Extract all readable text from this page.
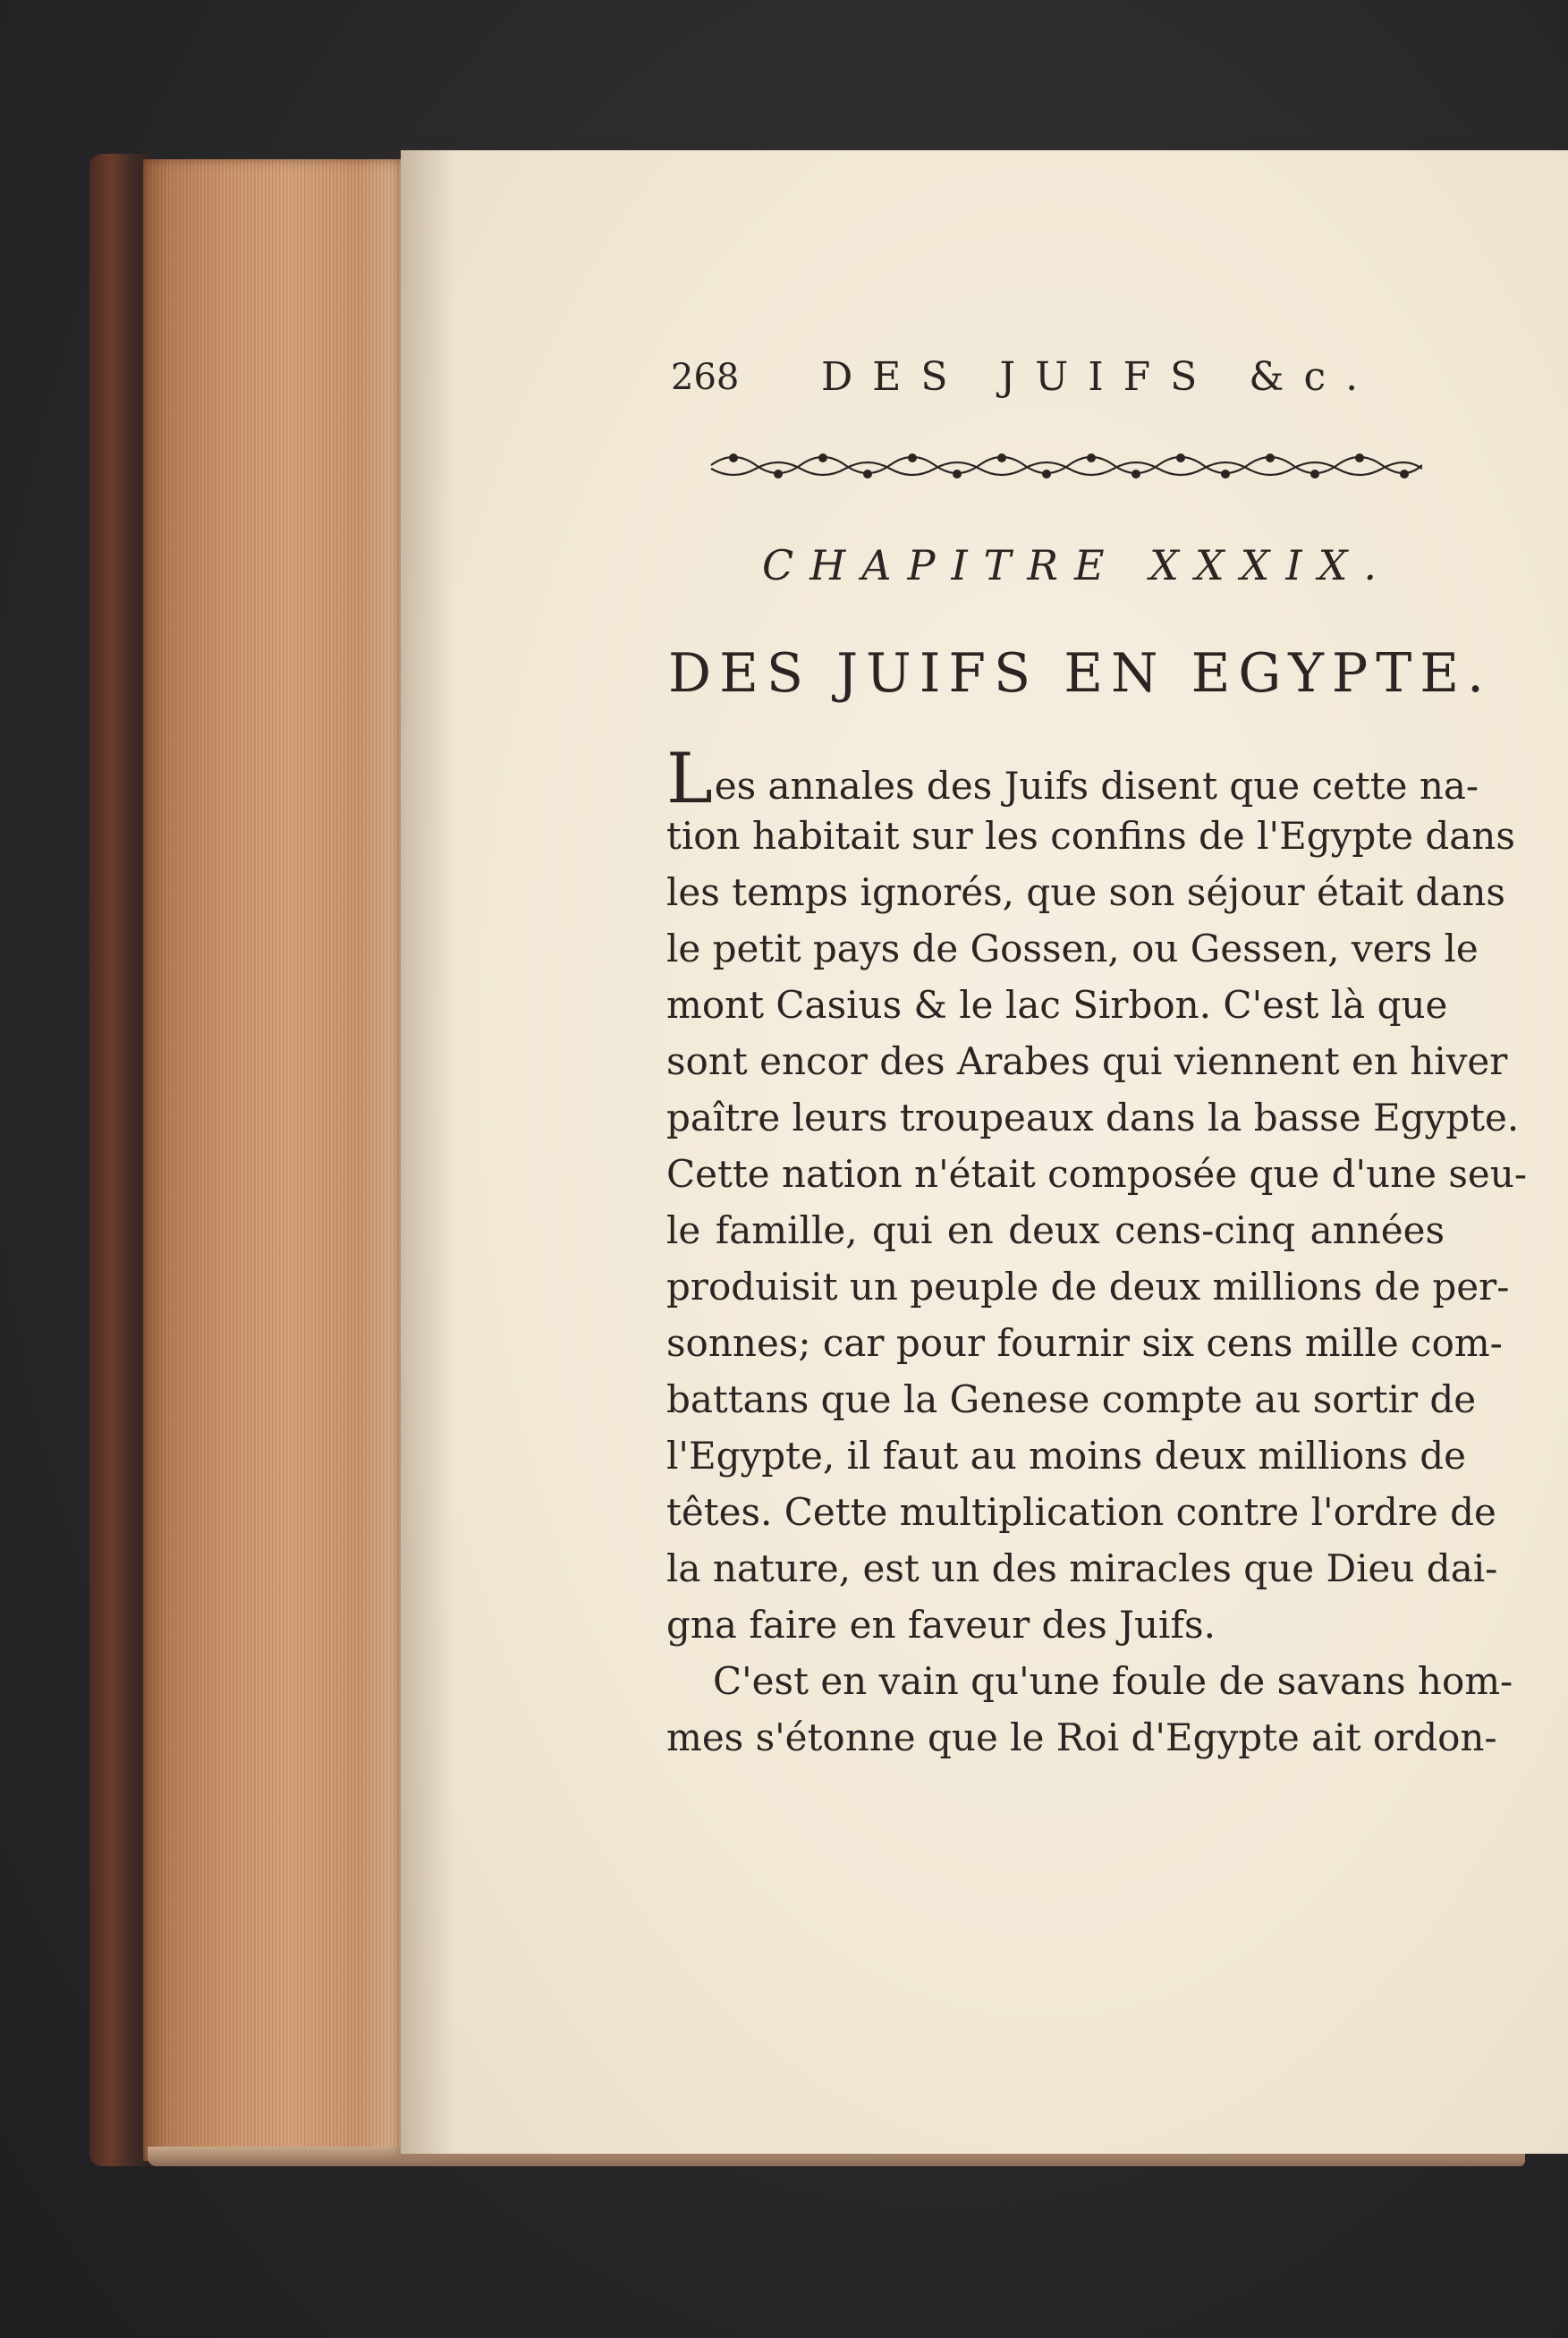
268 DES JUIFS &c.
CHAPITRE XXXIX.
DES JUIFS EN EGYPTE.
Les annales des Juifs disent que cette na-
tion habitait sur les confins de l'Egypte dans
les temps ignorés, que son séjour était dans
le petit pays de Gossen, ou Gessen, vers le
mont Casius & le lac Sirbon. C'est là que
sont encor des Arabes qui viennent en hiver
paître leurs troupeaux dans la basse Egypte.
Cette nation n'était composée que d'une seu-
le famille, qui en deux cens-cinq années
produisit un peuple de deux millions de per-
sonnes; car pour fournir six cens mille com-
battans que la Genese compte au sortir de
l'Egypte, il faut au moins deux millions de
têtes. Cette multiplication contre l'ordre de
la nature, est un des miracles que Dieu dai-
gna faire en faveur des Juifs.
C'est en vain qu'une foule de savans hom-
mes s'étonne que le Roi d'Egypte ait ordon-
